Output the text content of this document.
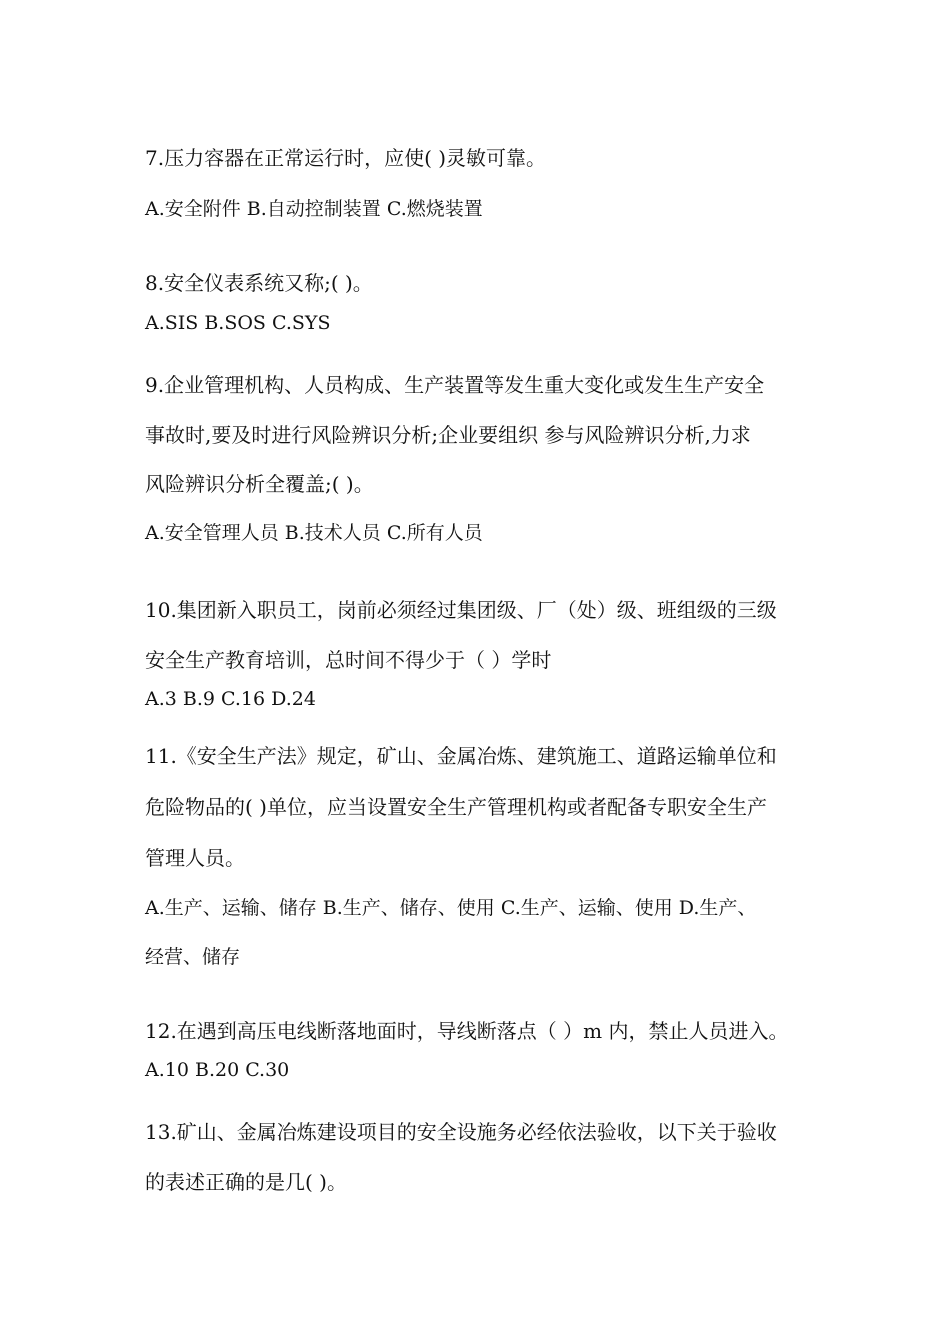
7.压力容器在正常运行时，应使( )灵敏可靠。
A.安全附件 B.自动控制装置 C.燃烧装置
8.安全仪表系统又称;( )。
A.SIS B.SOS C.SYS
9.企业管理机构、人员构成、生产装置等发生重大变化或发生生产安全
事故时,要及时进行风险辨识分析;企业要组织 参与风险辨识分析,力求
风险辨识分析全覆盖;( )。
A.安全管理人员 B.技术人员 C.所有人员
10.集团新入职员工，岗前必须经过集团级、厂（处）级、班组级的三级
安全生产教育培训，总时间不得少于（ ）学时
A.3 B.9 C.16 D.24
11.《安全生产法》规定，矿山、金属冶炼、建筑施工、道路运输单位和
危险物品的( )单位，应当设置安全生产管理机构或者配备专职安全生产
管理人员。
A.生产、运输、储存 B.生产、储存、使用 C.生产、运输、使用 D.生产、
经营、储存
12.在遇到高压电线断落地面时，导线断落点（ ）m 内，禁止人员进入。
A.10 B.20 C.30
13.矿山、金属冶炼建设项目的安全设施务必经依法验收，以下关于验收
的表述正确的是几( )。
